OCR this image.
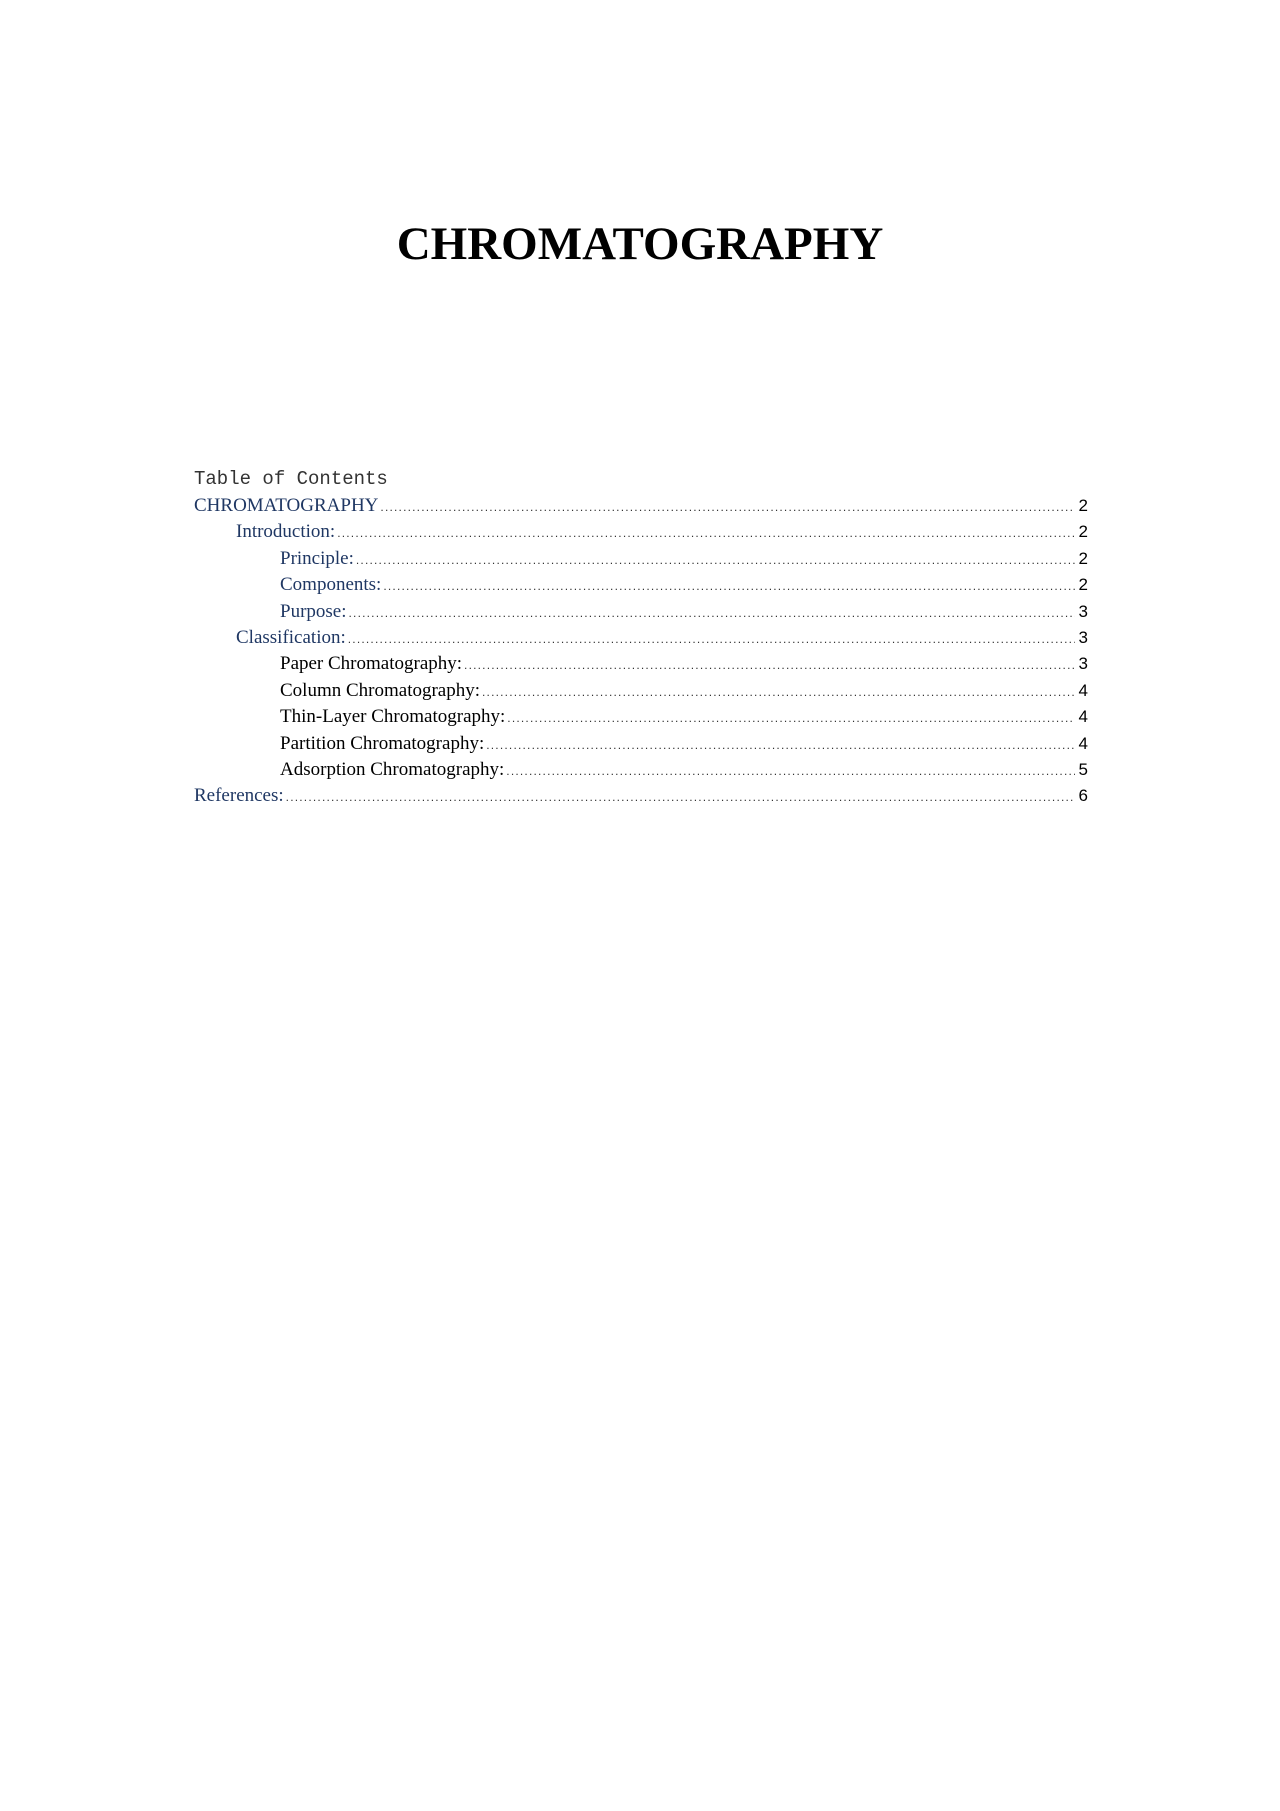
CHROMATOGRAPHY
Table of Contents
CHROMATOGRAPHY .....	2
Introduction: .....	2
Principle: .....	2
Components: .....	2
Purpose: .....	3
Classification: .....	3
Paper Chromatography: .....	3
Column Chromatography: .....	4
Thin-Layer Chromatography: .....	4
Partition Chromatography: .....	4
Adsorption Chromatography: .....	5
References: .....	6
